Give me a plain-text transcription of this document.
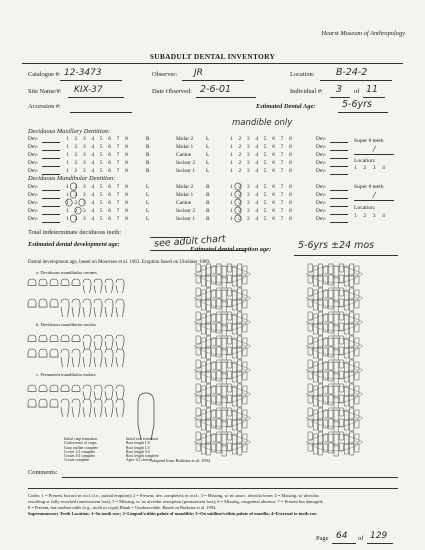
Hearst Museum of Anthropology
SUBADULT DENTAL INVENTORY
Catalogue #: 12-3473	Observer: JR	Location: B-24-2
Site Name/#: KIX-37	Date Observed: 2-6-01	Individual #: 3 of 11
Accession #:	Estimated Dental Age:	5-6yrs
Deciduous Maxillary Dentition:
mandible only
Dev:	1 2 3 4 5 6 7 8	R	Molar 2 L	1 2 3 4 5 6 7 8	Dev:
Dev:	1 2 3 4 5 6 7 8	R	Molar 1 L	1 2 3 4 5 6 7 8	Dev:
Dev:	1 2 3 4 5 6 7 8	R	Canine	L	1 2 3 4 5 6 7 8	Dev:
Dev:	1 2 3 4 5 6 7 8	R	Incisor 2 L	1 2 3 4 5 6 7 8	Dev:
Dev:	1 2 3 4 5 6 7 8	R	Incisor 1 L	1 2 3 4 5 6 7 8	Dev:
Super # teeth
/
Location:
1 2 3 4
Deciduous Mandibular Dentition:
Dev:	1 2 3 4 5 6 7 8	L	Molar 2 R	1 2 3 4 5 6 7 8	Dev:
Dev:	1 2 3 4 5 6 7 8	L	Molar 1 R	1 2 3 4 5 6 7 8	Dev:
Dev:	1 2 3 4 5 6 7 8	L	Canine	R	1 2 3 4 5 6 7 8	Dev:
Dev:	1 2 3 4 5 6 7 8	L	Incisor 2 R	1 2 3 4 5 6 7 8	Dev:
Dev:	1 2 3 4 5 6 7 8	L	Incisor 1 R	1 2 3 4 5 6 7 8	Dev:
Super # teeth
/
Location:
1 2 3 4
Total indeterminate deciduous teeth:
Estimated dental development age:	see adult chart
Estimated dental eruption age:	5-6yrs ±24 mos
Dental development age, based on Moorrees et al. 1963. Eruption based on Ubelaker 1989.
a. Deciduous mandibular canines
b. Deciduous mandibular molars
c. Permanent mandibular molars
Initial cusp formation	Initial root formation
Coalescence of cusps	Root length 1/4
Cusp outline complete	Root length 1/2
Crown 1/2 complete	Root length 3/4
Crown 3/4 complete	Root length complete
Crown complete	Apex 1/2 closed Adapted from Buikstra et al. 1994.
Comments:
Codes: 1 = Present, but not in occl. (i.e., partial eruption); 2 = Present, dev. completed, in occl.; 3 = Missing, w/ no assoc. alveolar bone; 4 = Missing, w/ alveolus
resorbing or fully resorbed (antemortem loss); 5 = Missing, w/ no alveolar resorption (postmortem loss); 6 = Missing, congenital absence; 7 = Present but damaged;
8 = Present, but unobservable (e.g., tooth in crypt) Blank = Unobservable. Based on Buikstra et al. 1994.
Supernumerary Teeth Location: 1=In tooth row; 2=Lingual/within palate of mandible; 3=On midline/within palate of maxilla; 4=External to tooth row
Page 64 of 129
